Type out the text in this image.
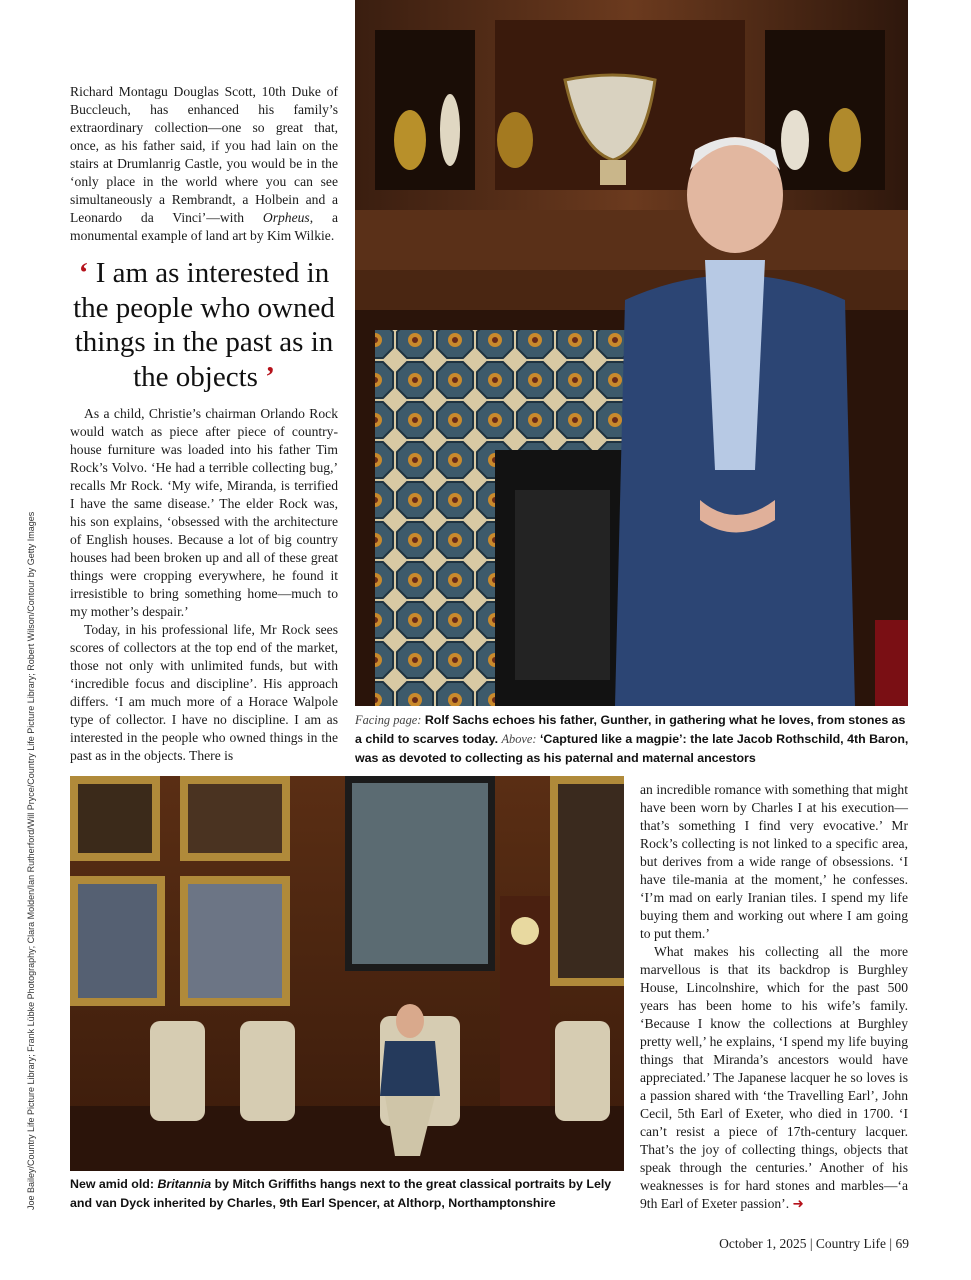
Richard Montagu Douglas Scott, 10th Duke of Buccleuch, has enhanced his family’s extraordinary collection—one so great that, once, as his father said, if you had lain on the stairs at Drumlanrig Castle, you would be in the ‘only place in the world where you can see simultaneously a Rembrandt, a Holbein and a Leonardo da Vinci’—with Orpheus, a monumental example of land art by Kim Wilkie.

‘ I am as interested in the people who owned things in the past as in the objects ’

As a child, Christie’s chairman Orlando Rock would watch as piece after piece of country-house furniture was loaded into his father Tim Rock’s Volvo. ‘He had a terrible collecting bug,’ recalls Mr Rock. ‘My wife, Miranda, is terrified I have the same disease.’ The elder Rock was, his son explains, ‘obsessed with the architecture of English houses. Because a lot of big country houses had been broken up and all of these great things were cropping everywhere, he found it irresistible to bring something home—much to my mother’s despair.’

Today, in his professional life, Mr Rock sees scores of collectors at the top end of the market, those not only with unlimited funds, but with ‘incredible focus and discipline’. His approach differs. ‘I am much more of a Horace Walpole type of collector. I have no discipline. I am as interested in the people who owned things in the past as in the objects. There is

Facing page: Rolf Sachs echoes his father, Gunther, in gathering what he loves, from stones as a child to scarves today. Above: ‘Captured like a magpie’: the late Jacob Rothschild, 4th Baron, was as devoted to collecting as his paternal and maternal ancestors
New amid old: Britannia by Mitch Griffiths hangs next to the great classical portraits by Lely and van Dyck inherited by Charles, 9th Earl Spencer, at Althorp, Northamptonshire

an incredible romance with something that might have been worn by Charles I at his execution—that’s something I find very evocative.’ Mr Rock’s collecting is not linked to a specific area, but derives from a wide range of obsessions. ‘I have tile-mania at the moment,’ he confesses. ‘I’m mad on early Iranian tiles. I spend my life buying them and working out where I am going to put them.’

What makes his collecting all the more marvellous is that its backdrop is Burghley House, Lincolnshire, which for the past 500 years has been home to his wife’s family. ‘Because I know the collections at Burghley pretty well,’ he explains, ‘I spend my life buying things that Miranda’s ancestors would have appreciated.’ The Japanese lacquer he so loves is a passion shared with ‘the Travelling Earl’, John Cecil, 5th Earl of Exeter, who died in 1700. ‘I can’t resist a piece of 17th-century lacquer. That’s the joy of collecting things, objects that speak through the centuries.’ Another of his weaknesses is for hard stones and marbles—‘a 9th Earl of Exeter passion’. ➜

Joe Bailey/Country Life Picture Library; Frank Lübke Photography; Clara Molden/Ian Rutherford/Will Pryce/Country Life Picture Library; Robert Wilson/Contour by Getty Images
October 1, 2025 | Country Life | 69
